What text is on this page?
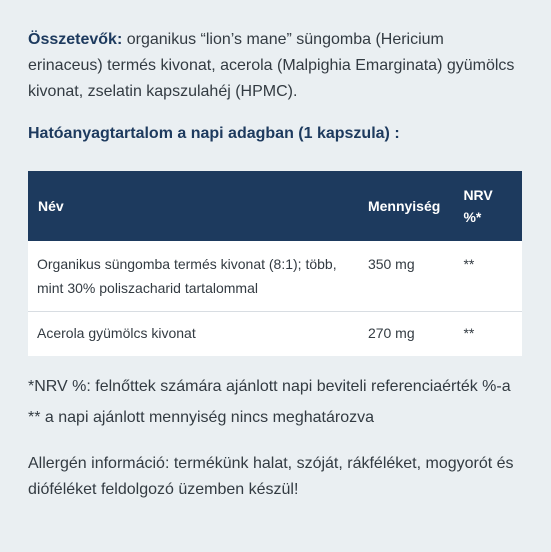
Összetevők: organikus “lion’s mane” süngomba (Hericium erinaceus) termés kivonat, acerola (Malpighia Emarginata) gyümölcs kivonat, zselatin kapszulahéj (HPMC).

Hatóanyagtartalom a napi adagban (1 kapszula) :
Név	Mennyiség	NRV %*
Organikus süngomba termés kivonat (8:1); több, mint 30% poliszacharid tartalommal	350 mg	**
Acerola gyümölcs kivonat	270 mg	**

*NRV %: felnőttek számára ajánlott napi beviteli referenciaérték %-a

** a napi ajánlott mennyiség nincs meghatározva

Allergén információ: termékünk halat, szóját, rákféléket, mogyorót és dióféléket feldolgozó üzemben készül!
